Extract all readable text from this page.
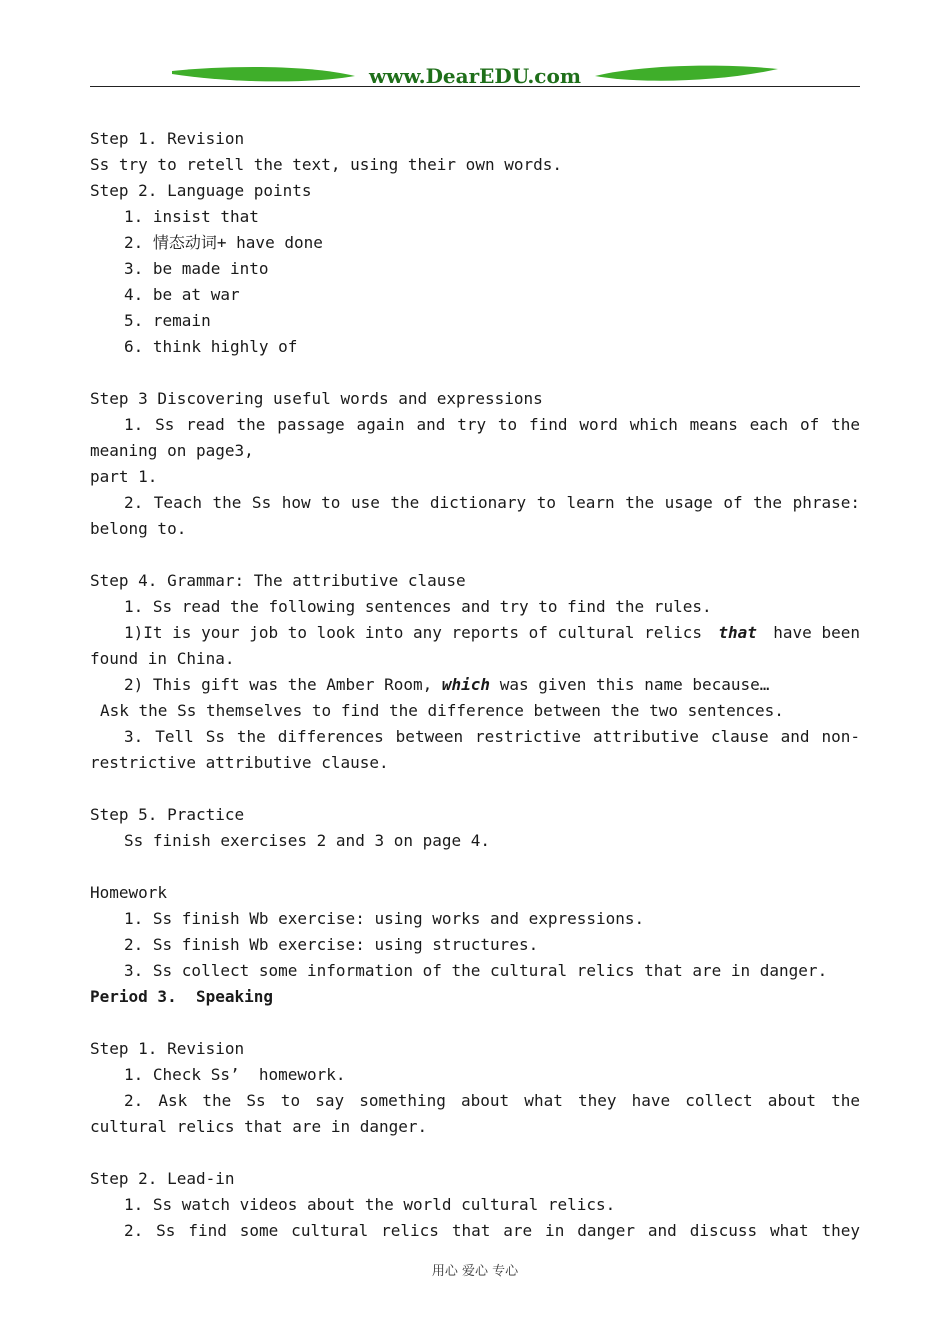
www.DearEDU.com
Step 1. Revision
Ss try to retell the text, using their own words.
Step 2. Language points
1. insist that
2. 情态动词+ have done
3. be made into
4. be at war
5. remain
6. think highly of
Step 3 Discovering useful words and expressions
1. Ss read the passage again and try to find word which means each of the
meaning on page3,
part 1.
2. Teach the Ss how to use the dictionary to learn the usage of the phrase:
belong to.
Step 4. Grammar: The attributive clause
1. Ss read the following sentences and try to find the rules.
1)It is your job to look into any reports of cultural relics that have been
found in China.
2) This gift was the Amber Room, which was given this name because…
Ask the Ss themselves to find the difference between the two sentences.
3. Tell Ss the differences between restrictive attributive clause and non-
restrictive attributive clause.
Step 5. Practice
Ss finish exercises 2 and 3 on page 4.
Homework
1. Ss finish Wb exercise: using works and expressions.
2. Ss finish Wb exercise: using structures.
3. Ss collect some information of the cultural relics that are in danger.
Period 3.  Speaking
Step 1. Revision
1. Check Ss’  homework.
2. Ask the Ss to say something about what they have collect about the
cultural relics that are in danger.
Step 2. Lead-in
1. Ss watch videos about the world cultural relics.
2. Ss find some cultural relics that are in danger and discuss what they
用心 爱心 专心
